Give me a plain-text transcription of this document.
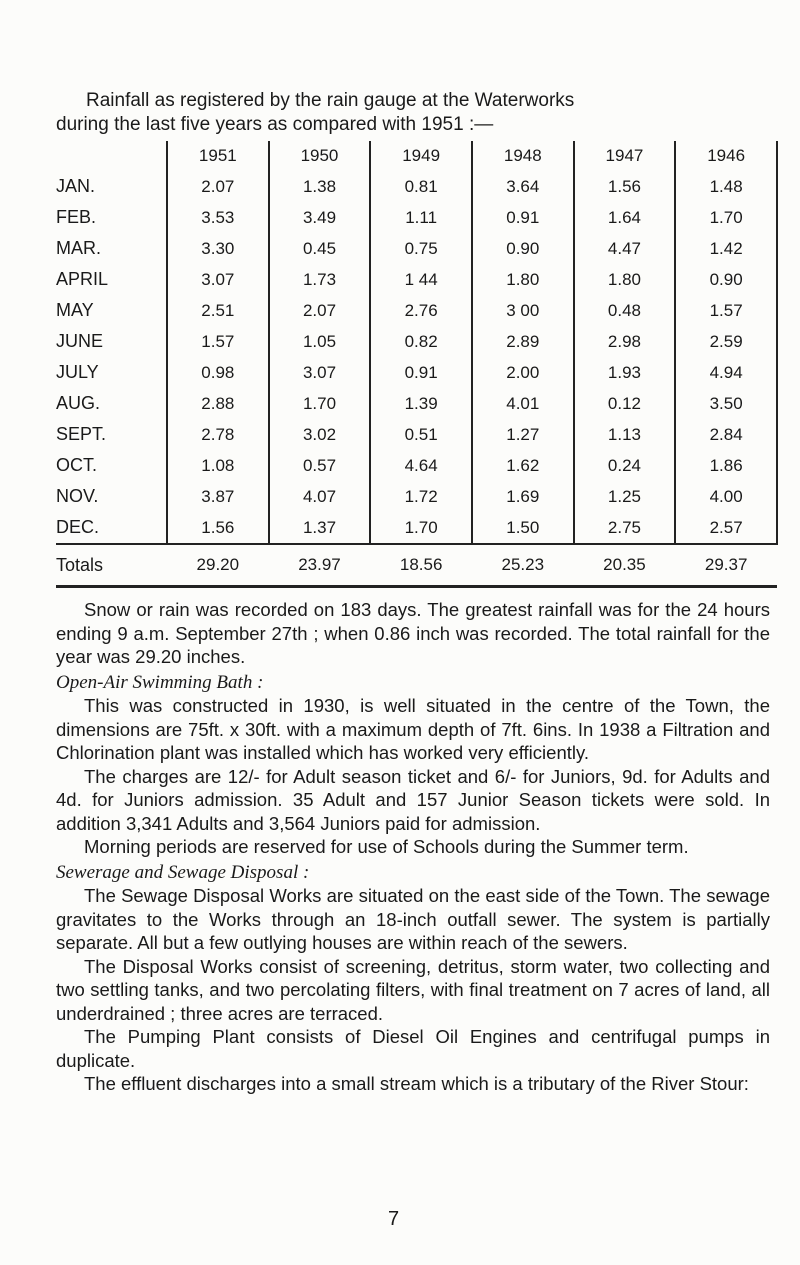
Rainfall as registered by the rain gauge at the Waterworks

during the last five years as compared with 1951 :—

	1951	1950	1949	1948	1947	1946
JAN.	2.07	1.38	0.81	3.64	1.56	1.48
FEB.	3.53	3.49	1.11	0.91	1.64	1.70
MAR.	3.30	0.45	0.75	0.90	4.47	1.42
APRIL	3.07	1.73	1 44	1.80	1.80	0.90
MAY	2.51	2.07	2.76	3 00	0.48	1.57
JUNE	1.57	1.05	0.82	2.89	2.98	2.59
JULY	0.98	3.07	0.91	2.00	1.93	4.94
AUG.	2.88	1.70	1.39	4.01	0.12	3.50
SEPT.	2.78	3.02	0.51	1.27	1.13	2.84
OCT.	1.08	0.57	4.64	1.62	0.24	1.86
NOV.	3.87	4.07	1.72	1.69	1.25	4.00
DEC.	1.56	1.37	1.70	1.50	2.75	2.57
Totals	29.20	23.97	18.56	25.23	20.35	29.37

Snow or rain was recorded on 183 days. The greatest rainfall was for the 24 hours ending 9 a.m. September 27th ; when 0.86 inch was recorded. The total rainfall for the year was 29.20 inches.

Open-Air Swimming Bath :

This was constructed in 1930, is well situated in the centre of the Town, the dimensions are 75ft. x 30ft. with a maximum depth of 7ft. 6ins. In 1938 a Filtration and Chlorination plant was installed which has worked very efficiently.

The charges are 12/- for Adult season ticket and 6/- for Juniors, 9d. for Adults and 4d. for Juniors admission. 35 Adult and 157 Junior Season tickets were sold. In addition 3,341 Adults and 3,564 Juniors paid for admission.

Morning periods are reserved for use of Schools during the Summer term.

Sewerage and Sewage Disposal :

The Sewage Disposal Works are situated on the east side of the Town. The sewage gravitates to the Works through an 18-inch outfall sewer. The system is partially separate. All but a few outlying houses are within reach of the sewers.

The Disposal Works consist of screening, detritus, storm water, two collecting and two settling tanks, and two percolating filters, with final treatment on 7 acres of land, all underdrained ; three acres are terraced.

The Pumping Plant consists of Diesel Oil Engines and centrifugal pumps in duplicate.

The effluent discharges into a small stream which is a tributary of the River Stour:

7
